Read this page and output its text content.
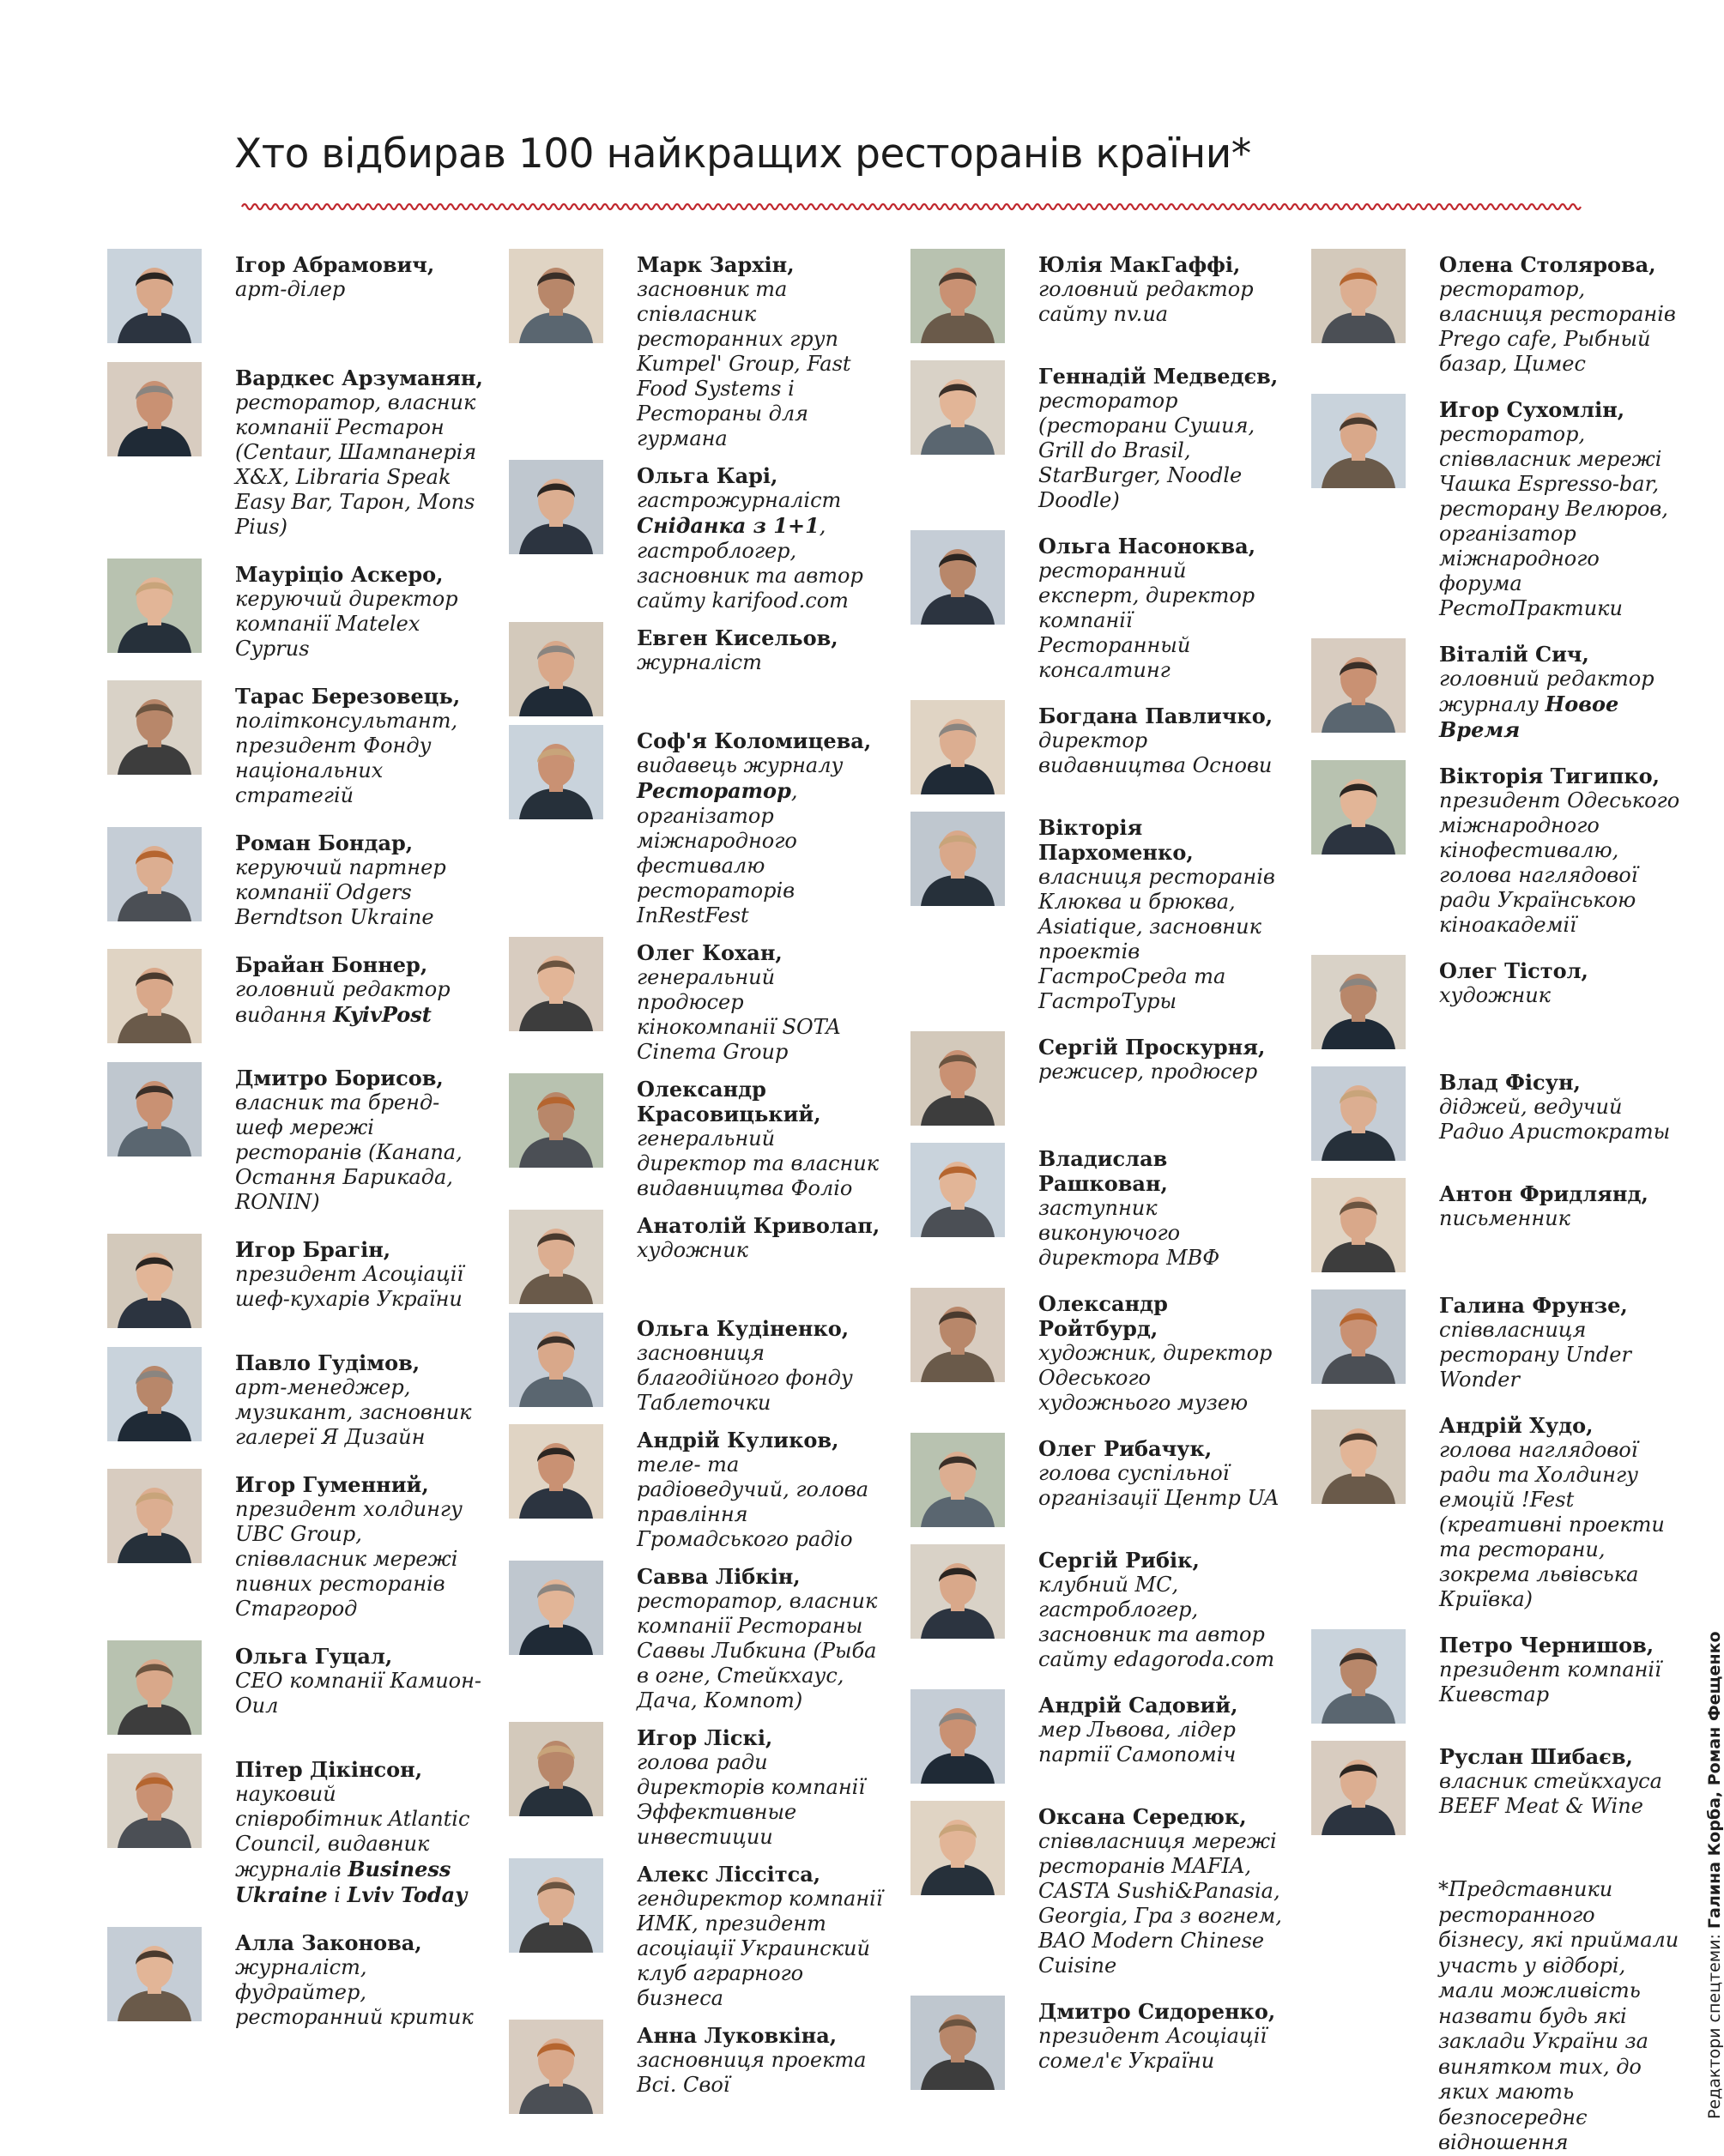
Хто відбирав 100 найкращих ресторанів країни*
Ігор Абрамович,
арт-ділер
Вардкес Арзуманян,
ресторатор, власник компанії Рестарон (Centaur, Шампанерія X&X, Libraria Speak Easy Bar, Тарон, Mons Pius)
Мауріціо Аскеро,
керуючий директор компанії Matelex Cyprus
Тарас Березовець,
політконсультант, президент Фонду національних стратегій
Роман Бондар,
керуючий партнер компанії Odgers Berndtson Ukraine
Брайан Боннер,
головний редактор видання KyivPost
Дмитро Борисов,
власник та бренд-шеф мережі ресторанів (Канапа, Остання Барикада, RONIN)
Игор Брагін,
президент Асоціації шеф-кухарів України
Павло Гудімов,
арт-менеджер, музикант, засновник галереї Я Дизайн
Игор Гуменний,
президент холдингу UBC Group, співвласник мережі пивних ресторанів Старгород
Ольга Гуцал,
CEO компанії Камион-Оил
Пітер Дікінсон,
науковий співробітник Atlantic Council, видавник журналів Business Ukraine і Lviv Today
Алла Законова,
журналіст, фудрайтер, ресторанний критик
Марк Зархін,
засновник та співласник ресторанних груп Kumpel' Group, Fast Food Systems і Рестораны для гурмана
Ольга Карі,
гастрожурналіст Сніданка з 1+1, гастроблогер, засновник та автор сайту karifood.com
Евген Кисельов,
журналіст
Соф'я Коломицева,
видавець журналу Ресторатор, організатор міжнародного фестивалю рестораторів InRestFest
Олег Кохан,
генеральний продюсер кінокомпанії SOTA Cinema Group
Олександр Красовицький,
генеральний директор та власник видавництва Фоліо
Анатолій Криволап,
художник
Ольга Кудіненко,
засновниця благодійного фонду Таблеточки
Андрій Куликов,
теле- та радіоведучий, голова правління Громадського радіо
Савва Лібкін,
ресторатор, власник компанії Рестораны Саввы Либкина (Рыба в огне, Стейкхаус, Дача, Компот)
Игор Ліскі,
голова ради директорів компанії Эффективные инвестиции
Алекс Ліссітса,
гендиректор компанії ИМК, президент асоціації Украинский клуб аграрного бизнеса
Анна Луковкіна,
засновниця проекта Всі. Свої
Юлія МакГаффі,
головний редактор сайту nv.ua
Геннадій Медведєв,
ресторатор (ресторани Сушия, Grill do Brasil, StarBurger, Noodle Doodle)
Ольга Насоноква,
ресторанний експерт, директор компанії Ресторанный консалтинг
Богдана Павличко,
директор видавництва Основи
Вікторія Пархоменко,
власниця ресторанів Клюква и брюква, Asiatique, засновник проектів ГастроСреда та ГастроТуры
Сергій Проскурня,
режисер, продюсер
Владислав Рашкован,
заступник виконуючого директора МВФ
Олександр Ройтбурд,
художник, директор Одеського художнього музею
Олег Рибачук,
голова суспільної організації Центр UA
Сергій Рибік,
клубний МС, гастроблогер, засновник та автор сайту edagoroda.com
Андрій Садовий,
мер Львова, лідер партії Самопоміч
Оксана Середюк,
співвласниця мережі ресторанів MAFIA, CASTA Sushi&Panasia, Georgia, Гра з вогнем, BAO Modern Chinese Cuisine
Дмитро Сидоренко,
президент Асоціації сомел'є України
Олена Столярова,
ресторатор, власниця ресторанів Prego cafe, Рыбный базар, Цимес
Игор Сухомлін,
ресторатор, співвласник мережі Чашка Espresso-bar, ресторану Велюров, організатор міжнародного форума РестоПрактики
Віталій Сич,
головний редактор журналу Новое Время
Вікторія Тигипко,
президент Одеського міжнародного кінофестивалю, голова наглядової ради Українською кіноакадемії
Олег Тістол,
художник
Влад Фісун,
діджей, ведучий Радио Аристократы
Антон Фридлянд,
письменник
Галина Фрунзе,
співвласниця ресторану Under Wonder
Андрій Худо,
голова наглядової ради та Холдингу емоцій !Fest (креативні проекти та ресторани, зокрема львівська Криївка)
Петро Чернишов,
президент компанії Киевстар
Руслан Шибаєв,
власник стейкхауса BEEF Meat & Wine

*Представники ресторанного бізнесу, які приймали участь у відборі, мали можливість назвати будь які заклади України за винятком тих, до яких мають безпосереднє відношення

Редактори спецтеми: Галина Корба, Роман Фещенко
